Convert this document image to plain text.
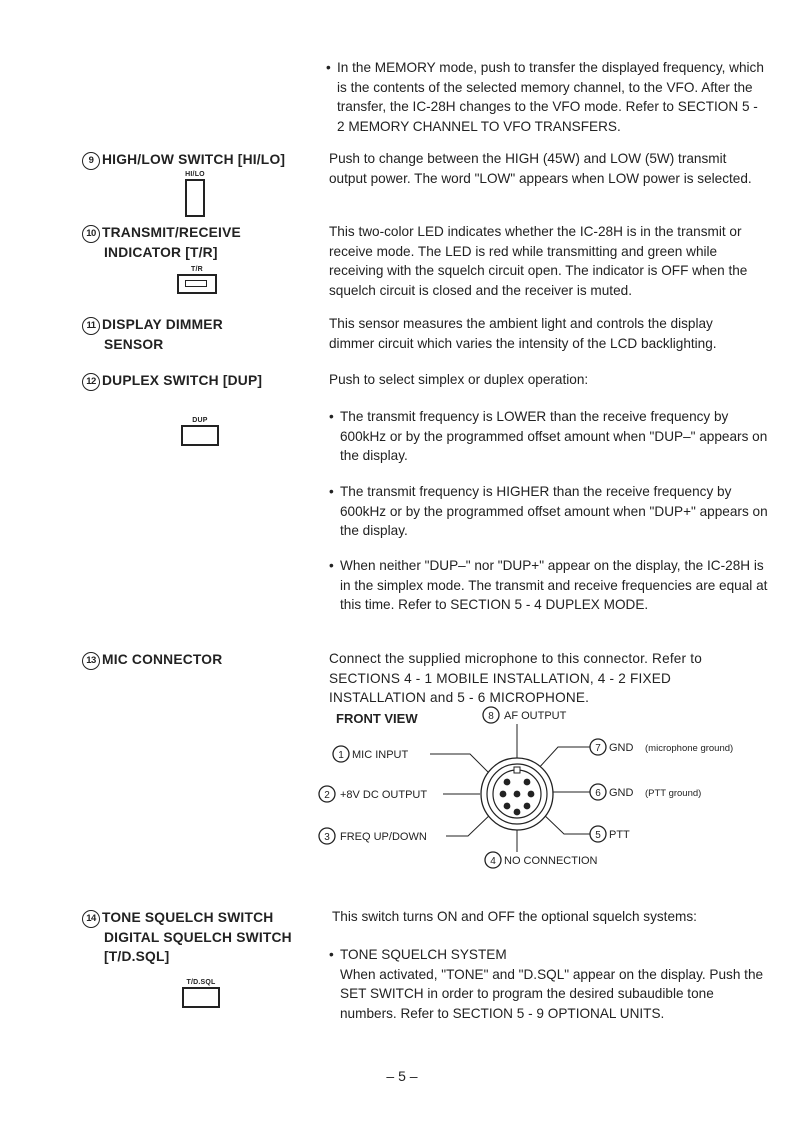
• In the MEMORY mode, push to transfer the displayed frequency, which is the contents of the selected memory channel, to the VFO. After the transfer, the IC-28H changes to the VFO mode. Refer to SECTION 5 - 2 MEMORY CHANNEL TO VFO TRANSFERS.
9 HIGH/LOW SWITCH [HI/LO]
HI/LO
Push to change between the HIGH (45W) and LOW (5W) transmit output power. The word "LOW" appears when LOW power is selected.
10 TRANSMIT/RECEIVE
INDICATOR [T/R]
T/R
This two-color LED indicates whether the IC-28H is in the transmit or receive mode. The LED is red while transmitting and green while receiving with the squelch circuit open. The indicator is OFF when the squelch circuit is closed and the receiver is muted.
11 DISPLAY DIMMER
SENSOR
This sensor measures the ambient light and controls the display dimmer circuit which varies the intensity of the LCD backlighting.
12 DUPLEX SWITCH [DUP]	Push to select simplex or duplex operation:
DUP
•	The transmit frequency is LOWER than the receive frequency by 600kHz or by the programmed offset amount when "DUP–" appears on the display.
• The transmit frequency is HIGHER than the receive frequency by 600kHz or by the programmed offset amount when "DUP+" appears on the display.
• When neither "DUP–" nor "DUP+" appear on the display, the IC-28H is in the simplex mode. The transmit and receive frequencies are equal at this time. Refer to SECTION 5 - 4 DUPLEX MODE.
13 MIC CONNECTOR	Connect the supplied microphone to this connector. Refer to SECTIONS 4 - 1 MOBILE INSTALLATION, 4 - 2 FIXED INSTALLATION and 5 - 6 MICROPHONE.
FRONT VIEW	8 AF OUTPUT
7 GND (microphone ground)
1 MIC INPUT
2 +8V DC OUTPUT	6 GND (PTT ground)
3 FREQ UP/DOWN	5 PTT
4 NO CONNECTION
14 TONE SQUELCH SWITCH
DIGITAL SQUELCH SWITCH
[T/D.SQL]
T/D.SQL
This switch turns ON and OFF the optional squelch systems:
• TONE SQUELCH SYSTEM
When activated, "TONE" and "D.SQL" appear on the display. Push the SET SWITCH in order to program the desired subaudible tone numbers. Refer to SECTION 5 - 9 OPTIONAL UNITS.
– 5 –
